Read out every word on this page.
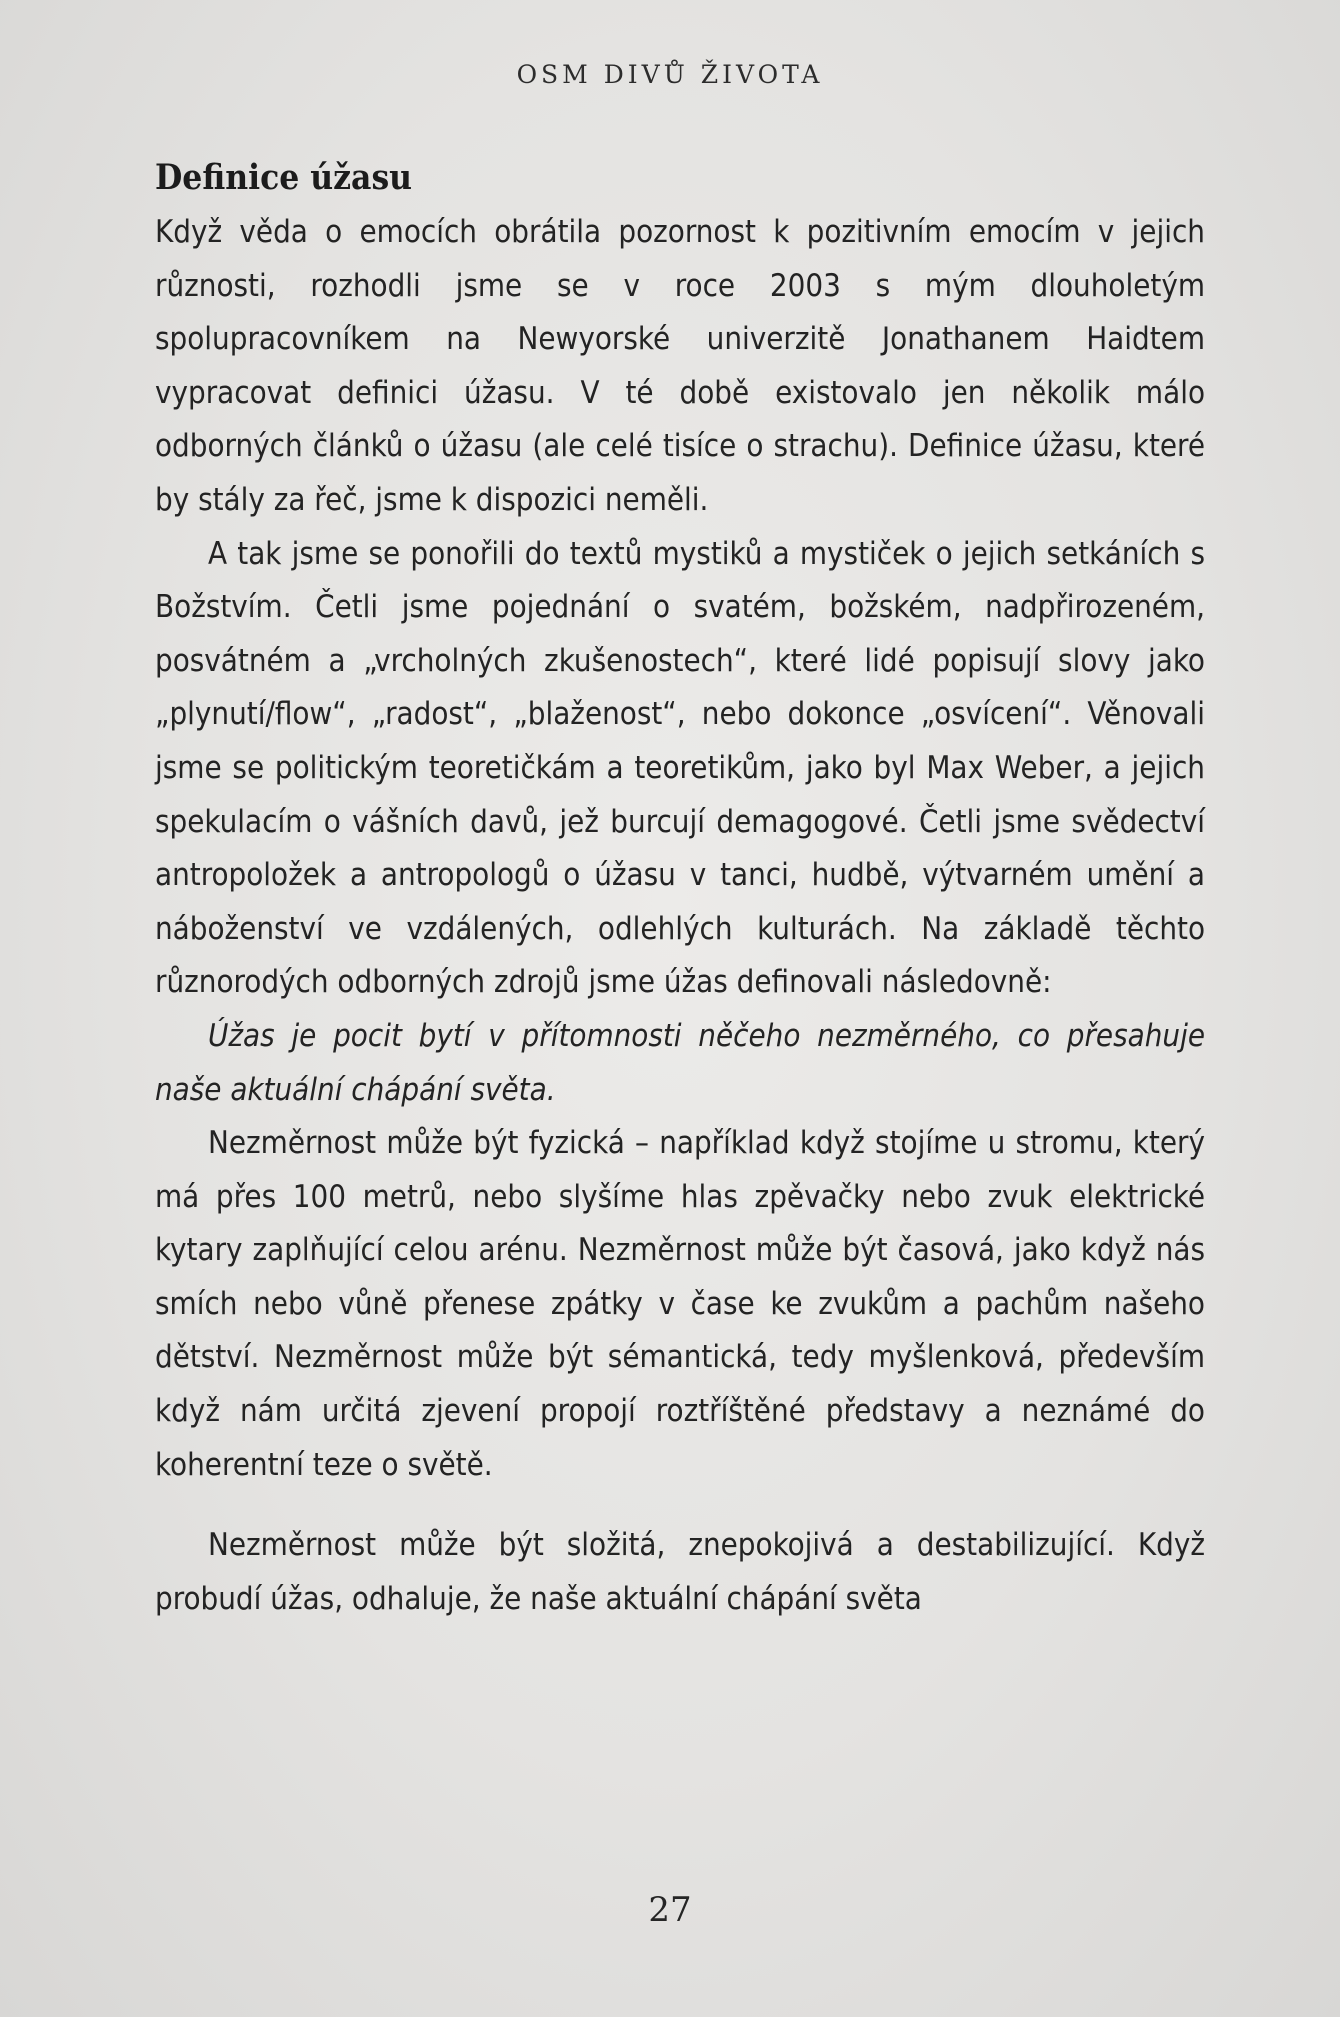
OSM DIVŮ ŽIVOTA
Definice úžasu

Když věda o emocích obrátila pozornost k pozitivním emocím v jejich různosti, rozhodli jsme se v roce 2003 s mým dlouholetým spolupracovníkem na Newyorské univerzitě Jonathanem Haidtem vypracovat definici úžasu. V té době existovalo jen několik málo odborných článků o úžasu (ale celé tisíce o strachu). Definice úžasu, které by stály za řeč, jsme k dispozici neměli.

A tak jsme se ponořili do textů mystiků a mystiček o jejich setkáních s Božstvím. Četli jsme pojednání o svatém, božském, nadpřirozeném, posvátném a „vrcholných zkušenostech“, které lidé popisují slovy jako „plynutí/flow“, „radost“, „blaženost“, nebo dokonce „osvícení“. Věnovali jsme se politickým teoretičkám a teoretikům, jako byl Max Weber, a jejich spekulacím o vášních davů, jež burcují demagogové. Četli jsme svědectví antropoložek a antropologů o úžasu v tanci, hudbě, výtvarném umění a náboženství ve vzdálených, odlehlých kulturách. Na základě těchto různorodých odborných zdrojů jsme úžas definovali následovně:

Úžas je pocit bytí v přítomnosti něčeho nezměrného, co přesahuje naše aktuální chápání světa.

Nezměrnost může být fyzická – například když stojíme u stromu, který má přes 100 metrů, nebo slyšíme hlas zpěvačky nebo zvuk elektrické kytary zaplňující celou arénu. Nezměrnost může být časová, jako když nás smích nebo vůně přenese zpátky v čase ke zvukům a pachům našeho dětství. Nezměrnost může být sémantická, tedy myšlenková, především když nám určitá zjevení propojí roztříštěné představy a neznámé do koherentní teze o světě.

Nezměrnost může být složitá, znepokojivá a destabilizující. Když probudí úžas, odhaluje, že naše aktuální chápání světa

27
